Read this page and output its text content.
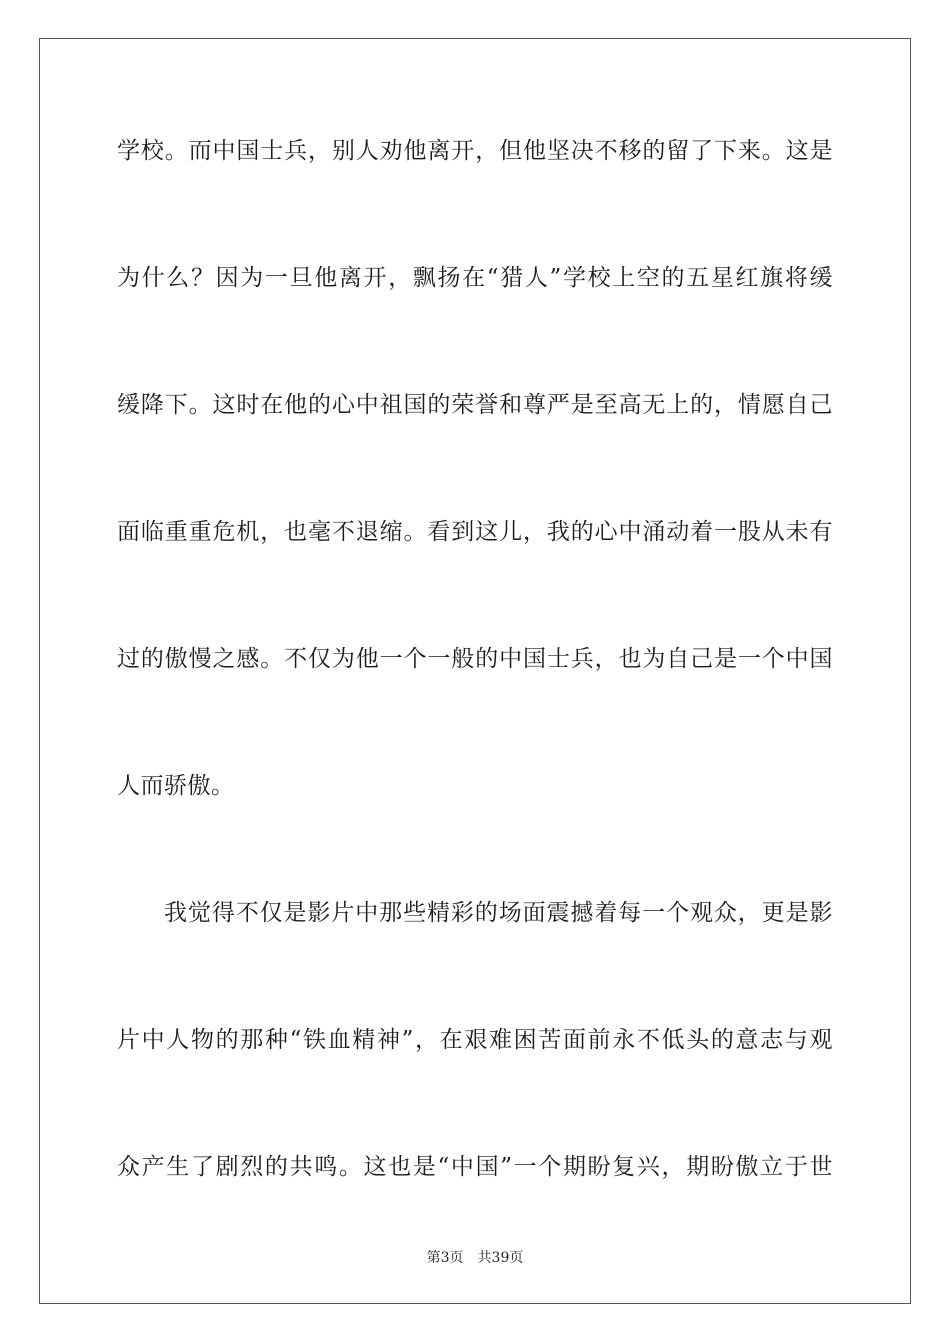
学校。而中国士兵，别人劝他离开，但他坚决不移的留了下来。这是
为什么？因为一旦他离开，飘扬在“猎人”学校上空的五星红旗将缓
缓降下。这时在他的心中祖国的荣誉和尊严是至高无上的，情愿自己
面临重重危机，也毫不退缩。看到这儿，我的心中涌动着一股从未有
过的傲慢之感。不仅为他一个一般的中国士兵，也为自己是一个中国
人而骄傲。
我觉得不仅是影片中那些精彩的场面震撼着每一个观众，更是影
片中人物的那种“铁血精神”，在艰难困苦面前永不低头的意志与观
众产生了剧烈的共鸣。这也是“中国”一个期盼复兴，期盼傲立于世
第3页 共39页
